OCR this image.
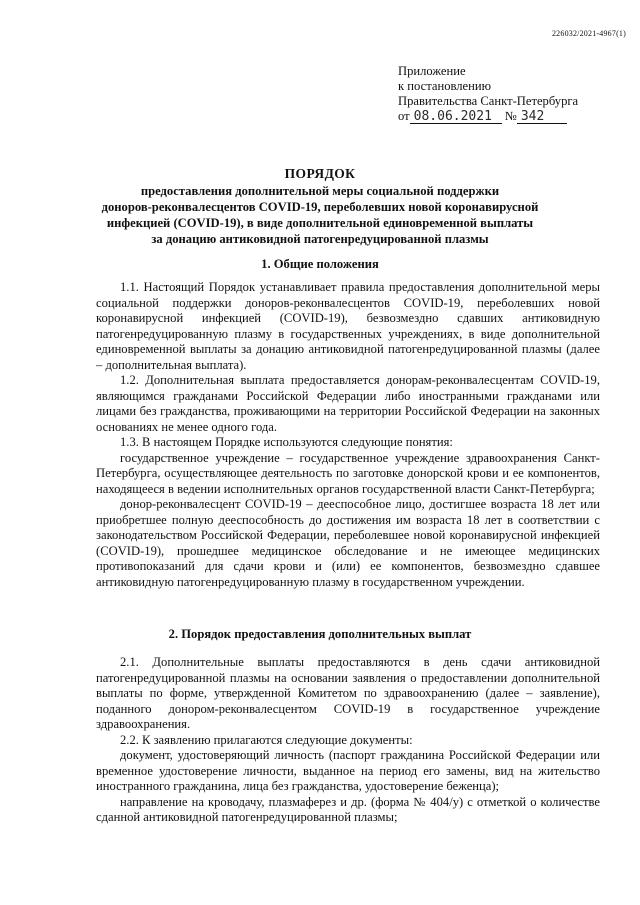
226032/2021-4967(1)
Приложение
к постановлению
Правительства Санкт-Петербурга
от 08.06.2021 № 342
ПОРЯДОК
предоставления дополнительной меры социальной поддержки
доноров-реконвалесцентов COVID-19, переболевших новой коронавирусной
инфекцией (COVID-19), в виде дополнительной единовременной выплаты
за донацию антиковидной патогенредуцированной плазмы
1. Общие положения

1.1. Настоящий Порядок устанавливает правила предоставления дополнительной меры социальной поддержки доноров-реконвалесцентов COVID-19, переболевших новой коронавирусной инфекцией (COVID-19), безвозмездно сдавших антиковидную патогенредуцированную плазму в государственных учреждениях, в виде дополнительной единовременной выплаты за донацию антиковидной патогенредуцированной плазмы (далее – дополнительная выплата).

1.2. Дополнительная выплата предоставляется донорам-реконвалесцентам COVID-19, являющимся гражданами Российской Федерации либо иностранными гражданами или лицами без гражданства, проживающими на территории Российской Федерации на законных основаниях не менее одного года.

1.3. В настоящем Порядке используются следующие понятия:

государственное учреждение – государственное учреждение здравоохранения Санкт-Петербурга, осуществляющее деятельность по заготовке донорской крови и ее компонентов, находящееся в ведении исполнительных органов государственной власти Санкт-Петербурга;

донор-реконвалесцент COVID-19 – дееспособное лицо, достигшее возраста 18 лет или приобретшее полную дееспособность до достижения им возраста 18 лет в соответствии с законодательством Российской Федерации, переболевшее новой коронавирусной инфекцией (COVID-19), прошедшее медицинское обследование и не имеющее медицинских противопоказаний для сдачи крови и (или) ее компонентов, безвозмездно сдавшее антиковидную патогенредуцированную плазму в государственном учреждении.

2. Порядок предоставления дополнительных выплат

2.1. Дополнительные выплаты предоставляются в день сдачи антиковидной патогенредуцированной плазмы на основании заявления о предоставлении дополнительной выплаты по форме, утвержденной Комитетом по здравоохранению (далее – заявление), поданного донором-реконвалесцентом COVID-19 в государственное учреждение здравоохранения.

2.2. К заявлению прилагаются следующие документы:

документ, удостоверяющий личность (паспорт гражданина Российской Федерации или временное удостоверение личности, выданное на период его замены, вид на жительство иностранного гражданина, лица без гражданства, удостоверение беженца);

направление на кроводачу, плазмаферез и др. (форма № 404/у) с отметкой о количестве сданной антиковидной патогенредуцированной плазмы;
